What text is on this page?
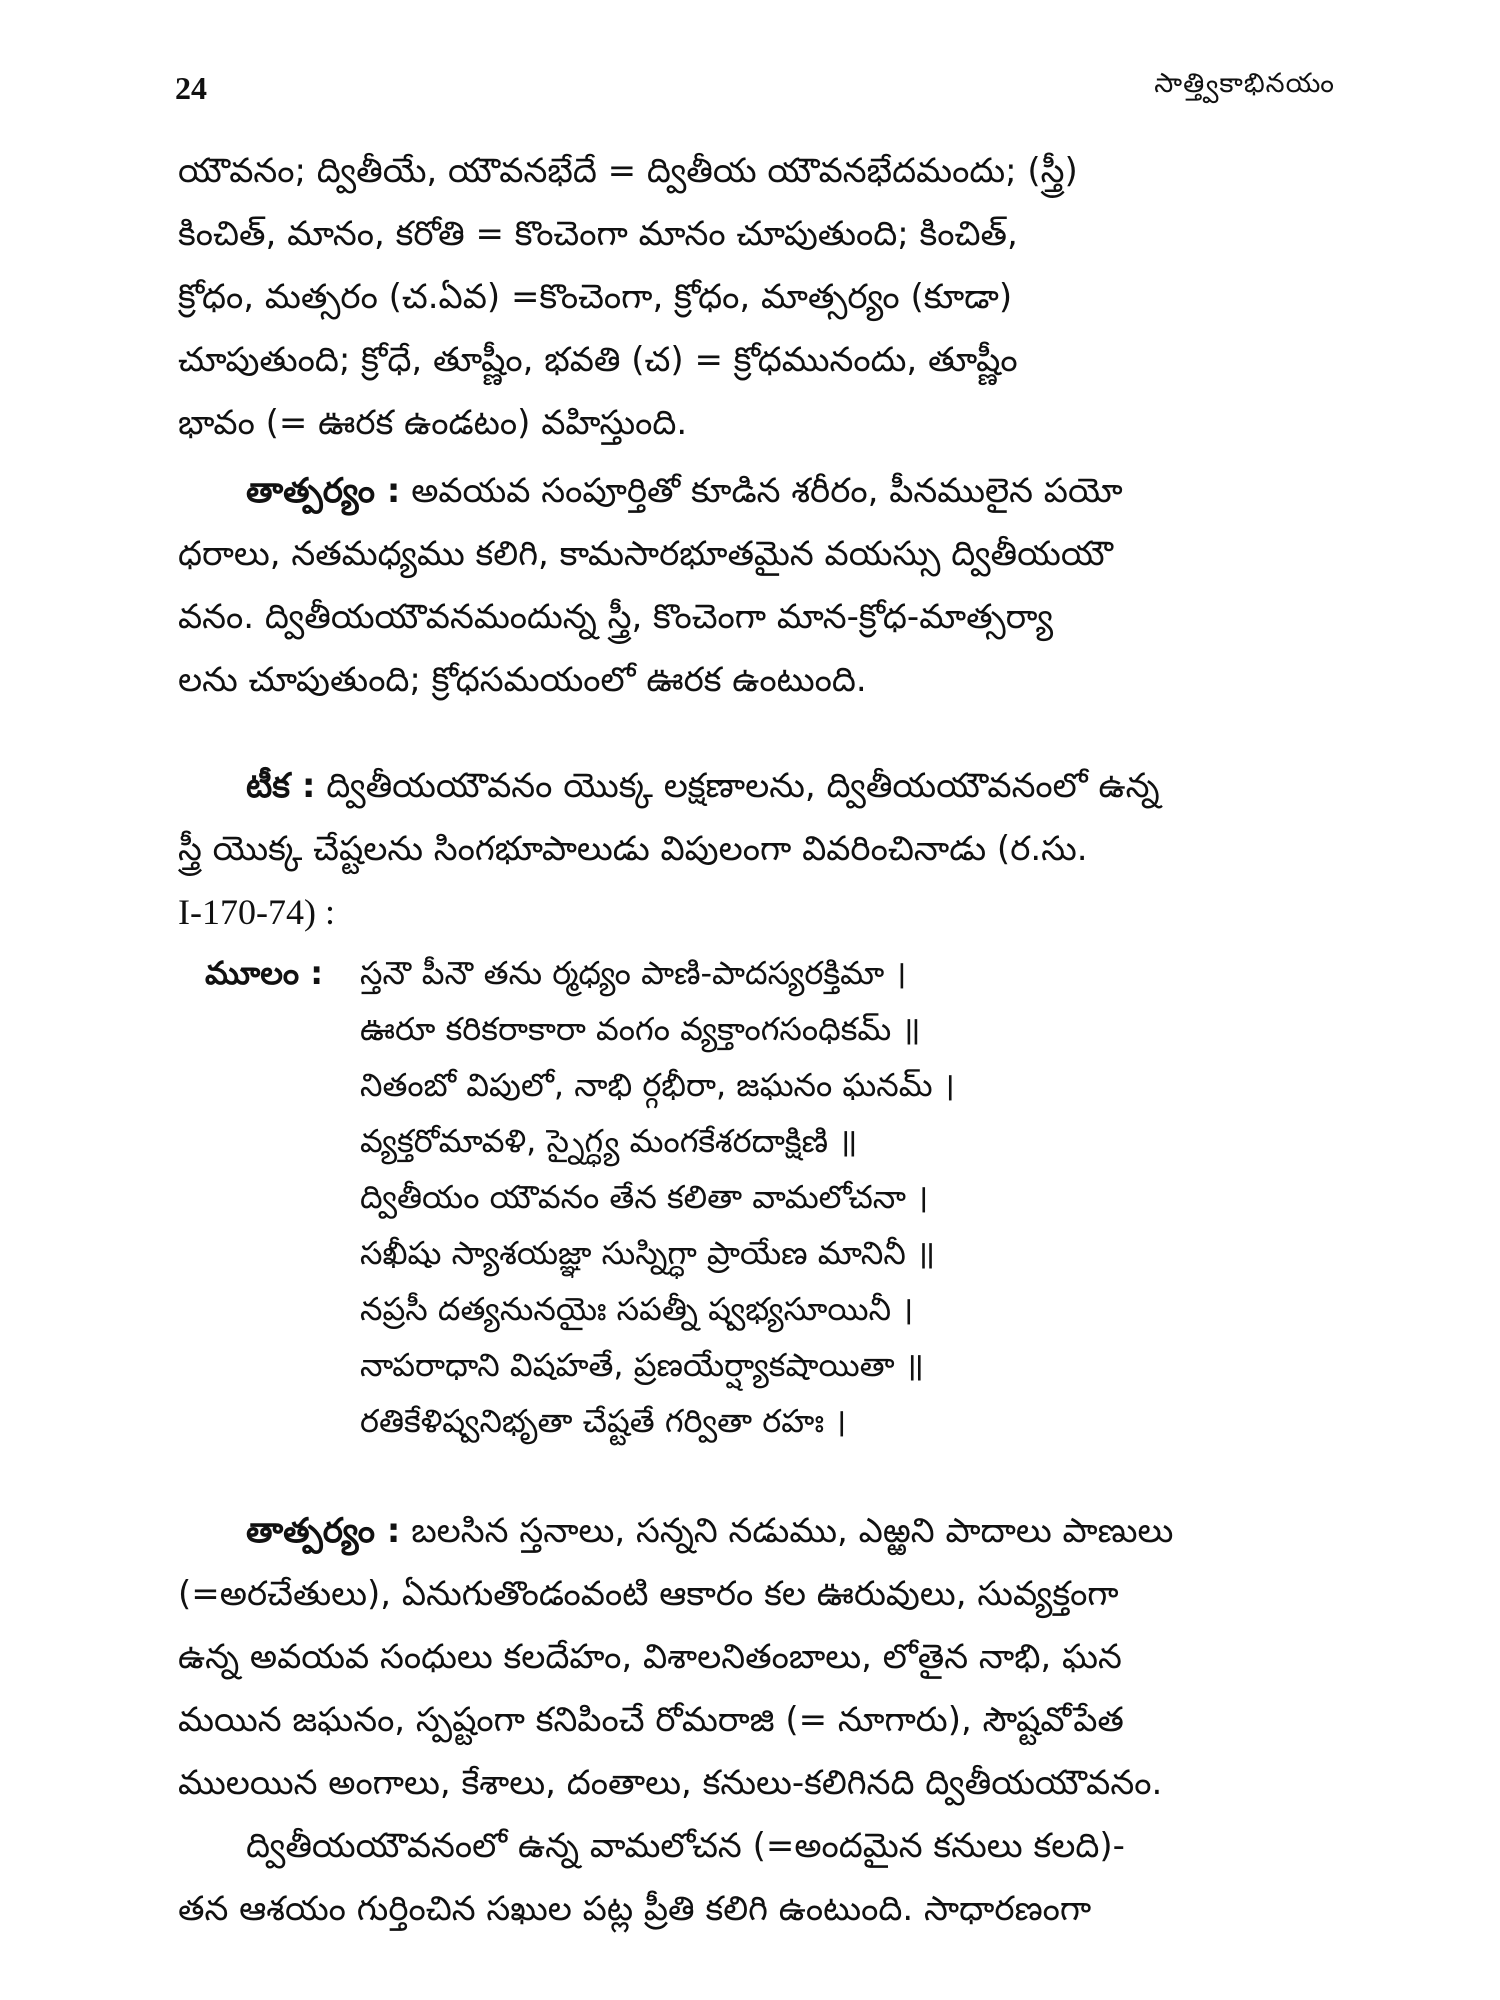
24	సాత్త్వికాభినయం
యౌవనం; ద్వితీయే, యౌవనభేదే = ద్వితీయ యౌవనభేదమందు; (స్త్రీ)
కించిత్, మానం, కరోతి = కొంచెంగా మానం చూపుతుంది; కించిత్,
క్రోధం, మత్సరం (చ.ఏవ) =కొంచెంగా, క్రోధం, మాత్సర్యం (కూడా)
చూపుతుంది; క్రోధే, తూష్ణీం, భవతి (చ) = క్రోధమునందు, తూష్ణీం
భావం (= ఊరక ఉండటం) వహిస్తుంది.
తాత్పర్యం : అవయవ సంపూర్తితో కూడిన శరీరం, పీనములైన పయో
ధరాలు, నతమధ్యము కలిగి, కామసారభూతమైన వయస్సు ద్వితీయయౌ
వనం. ద్వితీయయౌవనమందున్న స్త్రీ, కొంచెంగా మాన-క్రోధ-మాత్సర్యా
లను చూపుతుంది; క్రోధసమయంలో ఊరక ఉంటుంది.
టీక : ద్వితీయయౌవనం యొక్క లక్షణాలను, ద్వితీయయౌవనంలో ఉన్న
స్త్రీ యొక్క చేష్టలను సింగభూపాలుడు విపులంగా వివరించినాడు (ర.సు.
I-170-74) :
మూలం :	స్తనౌ పీనౌ తను ర్మధ్యం పాణి-పాదస్యరక్తిమా ।
ఊరూ కరికరాకారా వంగం వ్యక్తాంగసంధికమ్ ॥
నితంబో విపులో, నాభి ర్గభీరా, జఘనం ఘనమ్ ।
వ్యక్తరోమావళి, స్నైగ్ధ్య మంగకేశరదాక్షిణి ॥
ద్వితీయం యౌవనం తేన కలితా వామలోచనా ।
సఖీషు స్యాశయజ్ఞా సుస్నిగ్ధా ప్రాయేణ మానినీ ॥
నప్రసీ దత్యనునయైః సపత్నీ ష్వభ్యసూయినీ ।
నాపరాధాని విషహతే, ప్రణయేర్ష్యాకషాయితా ॥
రతికేళిష్వనిభృతా చేష్టతే గర్వితా రహః ।
తాత్పర్యం : బలసిన స్తనాలు, సన్నని నడుము, ఎఱ్ఱని పాదాలు పాణులు
(=అరచేతులు), ఏనుగుతొండంవంటి ఆకారం కల ఊరువులు, సువ్యక్తంగా
ఉన్న అవయవ సంధులు కలదేహం, విశాలనితంబాలు, లోతైన నాభి, ఘన
మయిన జఘనం, స్పష్టంగా కనిపించే రోమరాజి (= నూగారు), సౌష్టవోపేత
ములయిన అంగాలు, కేశాలు, దంతాలు, కనులు-కలిగినది ద్వితీయయౌవనం.
ద్వితీయయౌవనంలో ఉన్న వామలోచన (=అందమైన కనులు కలది)-
తన ఆశయం గుర్తించిన సఖుల పట్ల ప్రీతి కలిగి ఉంటుంది. సాధారణంగా
